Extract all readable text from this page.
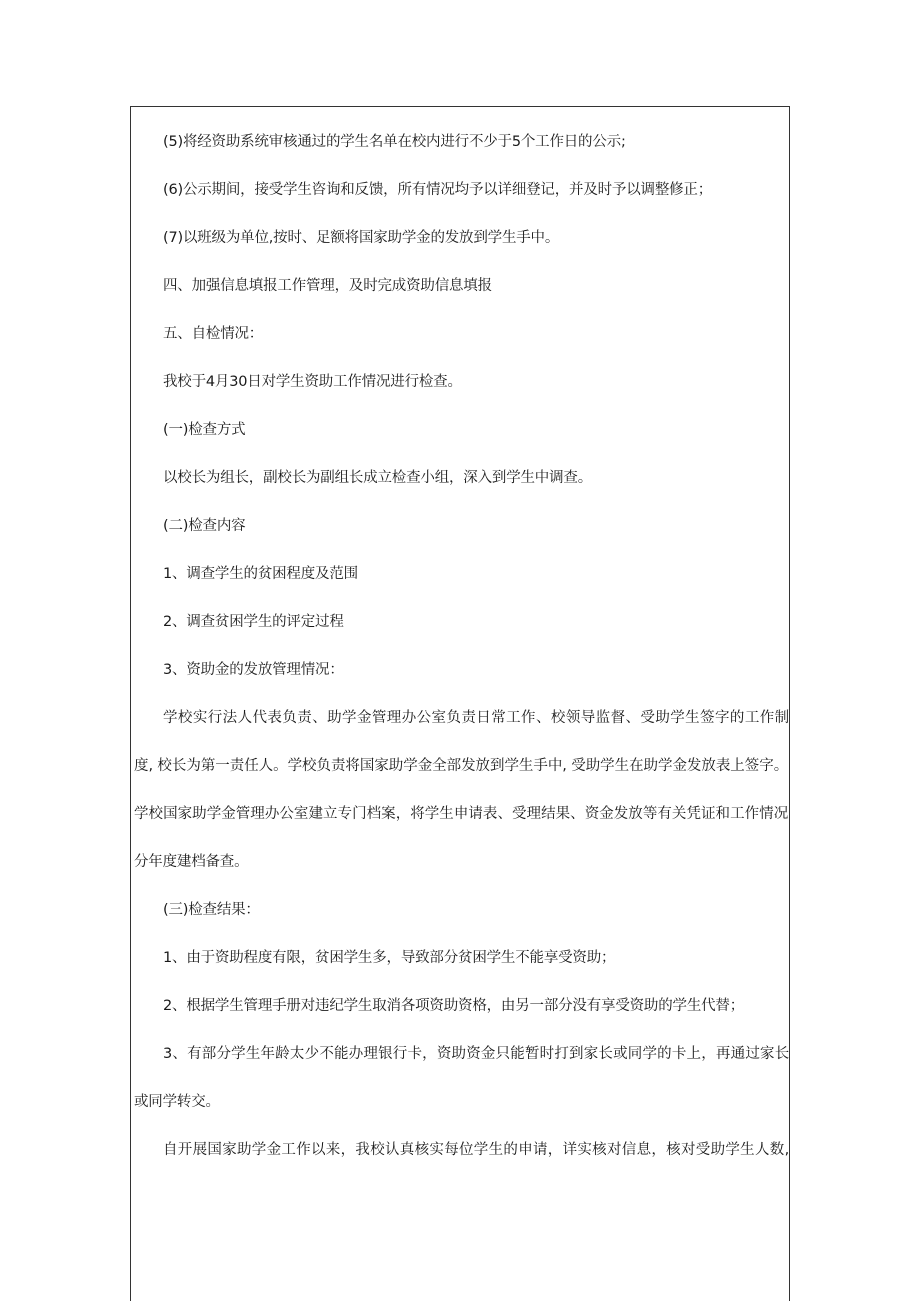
(5)将经资助系统审核通过的学生名单在校内进行不少于5个工作日的公示;
(6)公示期间，接受学生咨询和反馈，所有情况均予以详细登记，并及时予以调整修正；
(7)以班级为单位,按时、足额将国家助学金的发放到学生手中。
四、加强信息填报工作管理，及时完成资助信息填报
五、自检情况：
我校于4月30日对学生资助工作情况进行检查。
(一)检查方式
以校长为组长，副校长为副组长成立检查小组，深入到学生中调查。
(二)检查内容
1、调查学生的贫困程度及范围
2、调查贫困学生的评定过程
3、资助金的发放管理情况：
学校实行法人代表负责、助学金管理办公室负责日常工作、校领导监督、受助学生签字的工作制
度, 校长为第一责任人。学校负责将国家助学金全部发放到学生手中, 受助学生在助学金发放表上签字。
学校国家助学金管理办公室建立专门档案，将学生申请表、受理结果、资金发放等有关凭证和工作情况
分年度建档备查。
(三)检查结果：
1、由于资助程度有限，贫困学生多，导致部分贫困学生不能享受资助；
2、根据学生管理手册对违纪学生取消各项资助资格，由另一部分没有享受资助的学生代替；
3、有部分学生年龄太少不能办理银行卡，资助资金只能暂时打到家长或同学的卡上，再通过家长
或同学转交。
自开展国家助学金工作以来，我校认真核实每位学生的申请，详实核对信息，核对受助学生人数,
